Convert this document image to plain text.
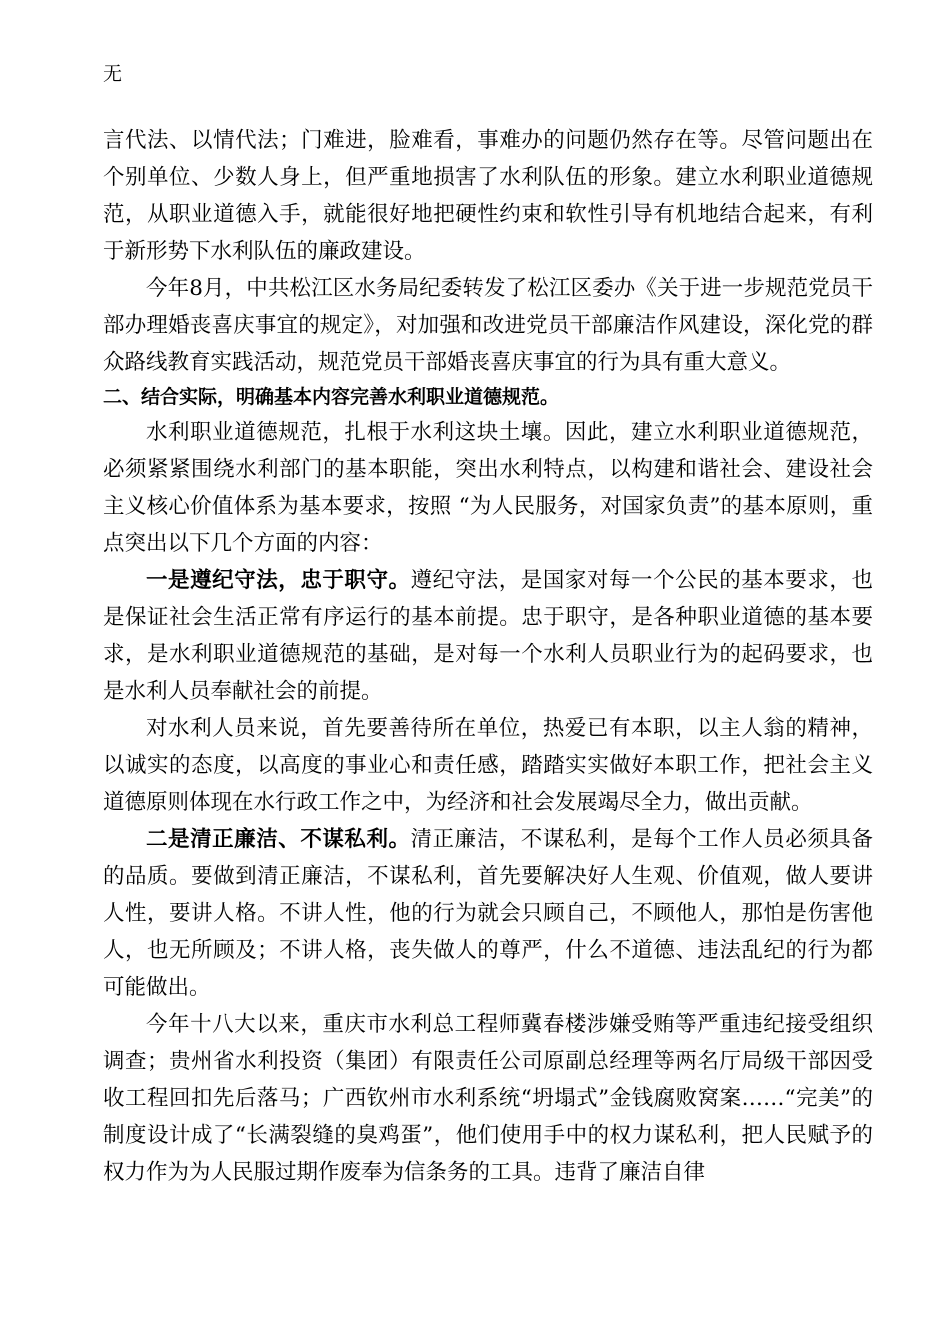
无

言代法、以情代法；门难进，脸难看，事难办的问题仍然存在等。尽管问题出在个别单位、少数人身上，但严重地损害了水利队伍的形象。建立水利职业道德规范，从职业道德入手，就能很好地把硬性约束和软性引导有机地结合起来，有利于新形势下水利队伍的廉政建设。

今年8月，中共松江区水务局纪委转发了松江区委办《关于进一步规范党员干部办理婚丧喜庆事宜的规定》，对加强和改进党员干部廉洁作风建设，深化党的群众路线教育实践活动，规范党员干部婚丧喜庆事宜的行为具有重大意义。

二、结合实际，明确基本内容完善水利职业道德规范。

水利职业道德规范，扎根于水利这块土壤。因此，建立水利职业道德规范，必须紧紧围绕水利部门的基本职能，突出水利特点，以构建和谐社会、建设社会主义核心价值体系为基本要求，按照 “为人民服务，对国家负责”的基本原则，重点突出以下几个方面的内容：

一是遵纪守法，忠于职守。遵纪守法，是国家对每一个公民的基本要求，也是保证社会生活正常有序运行的基本前提。忠于职守，是各种职业道德的基本要求，是水利职业道德规范的基础，是对每一个水利人员职业行为的起码要求，也是水利人员奉献社会的前提。

对水利人员来说，首先要善待所在单位，热爱已有本职，以主人翁的精神，以诚实的态度，以高度的事业心和责任感，踏踏实实做好本职工作，把社会主义道德原则体现在水行政工作之中，为经济和社会发展竭尽全力，做出贡献。

二是清正廉洁、不谋私利。清正廉洁，不谋私利，是每个工作人员必须具备的品质。要做到清正廉洁，不谋私利，首先要解决好人生观、价值观，做人要讲人性，要讲人格。不讲人性，他的行为就会只顾自己，不顾他人，那怕是伤害他人，也无所顾及；不讲人格，丧失做人的尊严，什么不道德、违法乱纪的行为都可能做出。

今年十八大以来，重庆市水利总工程师冀春楼涉嫌受贿等严重违纪接受组织调查；贵州省水利投资（集团）有限责任公司原副总经理等两名厅局级干部因受收工程回扣先后落马；广西钦州市水利系统“坍塌式”金钱腐败窝案……“完美”的制度设计成了“长满裂缝的臭鸡蛋”，他们使用手中的权力谋私利，把人民赋予的权力作为为人民服过期作废奉为信条务的工具。违背了廉洁自律
